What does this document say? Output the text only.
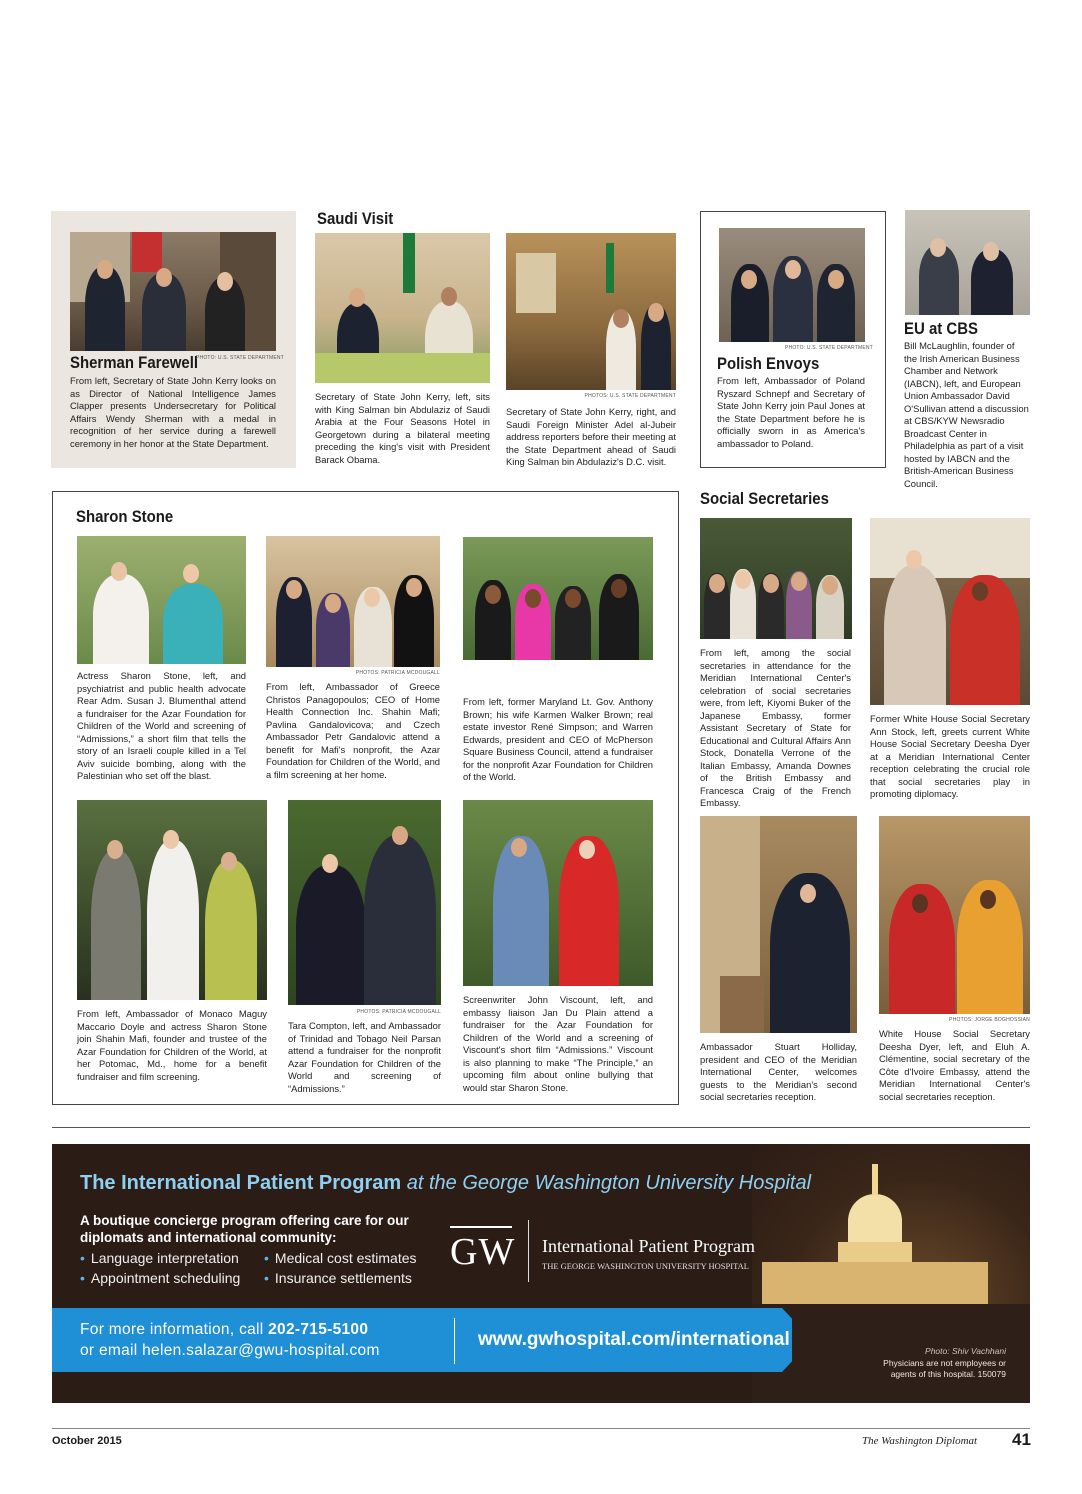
Sherman Farewell
PHOTO: U.S. STATE DEPARTMENT

From left, Secretary of State John Kerry looks on as Director of National Intelligence James Clapper presents Undersecretary for Political Affairs Wendy Sherman with a medal in recognition of her service during a farewell ceremony in her honor at the State Department.

Saudi Visit

Secretary of State John Kerry, left, sits with King Salman bin Abdulaziz of Saudi Arabia at the Four Seasons Hotel in Georgetown during a bilateral meeting preceding the king's visit with President Barack Obama.

PHOTOS: U.S. STATE DEPARTMENT

Secretary of State John Kerry, right, and Saudi Foreign Minister Adel al-Jubeir address reporters before their meeting at the State Department ahead of Saudi King Salman bin Abdulaziz's D.C. visit.

PHOTO: U.S. STATE DEPARTMENT
Polish Envoys

From left, Ambassador of Poland Ryszard Schnepf and Secretary of State John Kerry join Paul Jones at the State Department before he is officially sworn in as America's ambassador to Poland.

EU at CBS

Bill McLaughlin, founder of the Irish American Business Chamber and Network (IABCN), left, and European Union Ambassador David O'Sullivan attend a discussion at CBS/KYW Newsradio Broadcast Center in Philadelphia as part of a visit hosted by IABCN and the British-American Business Council.

Sharon Stone

Actress Sharon Stone, left, and psychiatrist and public health advocate Rear Adm. Susan J. Blumenthal attend a fundraiser for the Azar Foundation for Children of the World and screening of “Admissions,” a short film that tells the story of an Israeli couple killed in a Tel Aviv suicide bombing, along with the Palestinian who set off the blast.

PHOTOS: PATRICIA MCDOUGALL

From left, Ambassador of Greece Christos Panagopoulos; CEO of Home Health Connection Inc. Shahin Mafi; Pavlina Gandalovicova; and Czech Ambassador Petr Gandalovic attend a benefit for Mafi's nonprofit, the Azar Foundation for Children of the World, and a film screening at her home.

From left, former Maryland Lt. Gov. Anthony Brown; his wife Karmen Walker Brown; real estate investor René Simpson; and Warren Edwards, president and CEO of McPherson Square Business Council, attend a fundraiser for the nonprofit Azar Foundation for Children of the World.

From left, Ambassador of Monaco Maguy Maccario Doyle and actress Sharon Stone join Shahin Mafi, founder and trustee of the Azar Foundation for Children of the World, at her Potomac, Md., home for a benefit fundraiser and film screening.

PHOTOS: PATRICIA MCDOUGALL

Tara Compton, left, and Ambassador of Trinidad and Tobago Neil Parsan attend a fundraiser for the nonprofit Azar Foundation for Children of the World and screening of “Admissions.”

Screenwriter John Viscount, left, and embassy liaison Jan Du Plain attend a fundraiser for the Azar Foundation for Children of the World and a screening of Viscount's short film “Admissions.” Viscount is also planning to make “The Principle,” an upcoming film about online bullying that would star Sharon Stone.

Social Secretaries

From left, among the social secretaries in attendance for the Meridian International Center's celebration of social secretaries were, from left, Kiyomi Buker of the Japanese Embassy, former Assistant Secretary of State for Educational and Cultural Affairs Ann Stock, Donatella Verrone of the Italian Embassy, Amanda Downes of the British Embassy and Francesca Craig of the French Embassy.

Former White House Social Secretary Ann Stock, left, greets current White House Social Secretary Deesha Dyer at a Meridian International Center reception celebrating the crucial role that social secretaries play in promoting diplomacy.

Ambassador Stuart Holliday, president and CEO of the Meridian International Center, welcomes guests to the Meridian's second social secretaries reception.

PHOTOS: JORGE BOGHOSSIAN

White House Social Secretary Deesha Dyer, left, and Eluh A. Clémentine, social secretary of the Côte d'Ivoire Embassy, attend the Meridian International Center's social secretaries reception.

The International Patient Program at the George Washington University Hospital
A boutique concierge program offering care for our diplomats and international community:
• Language interpretation
• Appointment scheduling
• Medical cost estimates
• Insurance settlements
GW International Patient Program
THE GEORGE WASHINGTON UNIVERSITY HOSPITAL
For more information, call 202-715-5100
or email helen.salazar@gwu-hospital.com
www.gwhospital.com/international
Photo: Shiv Vachhani
Physicians are not employees or agents of this hospital. 150079
October 2015	The Washington Diplomat 41
